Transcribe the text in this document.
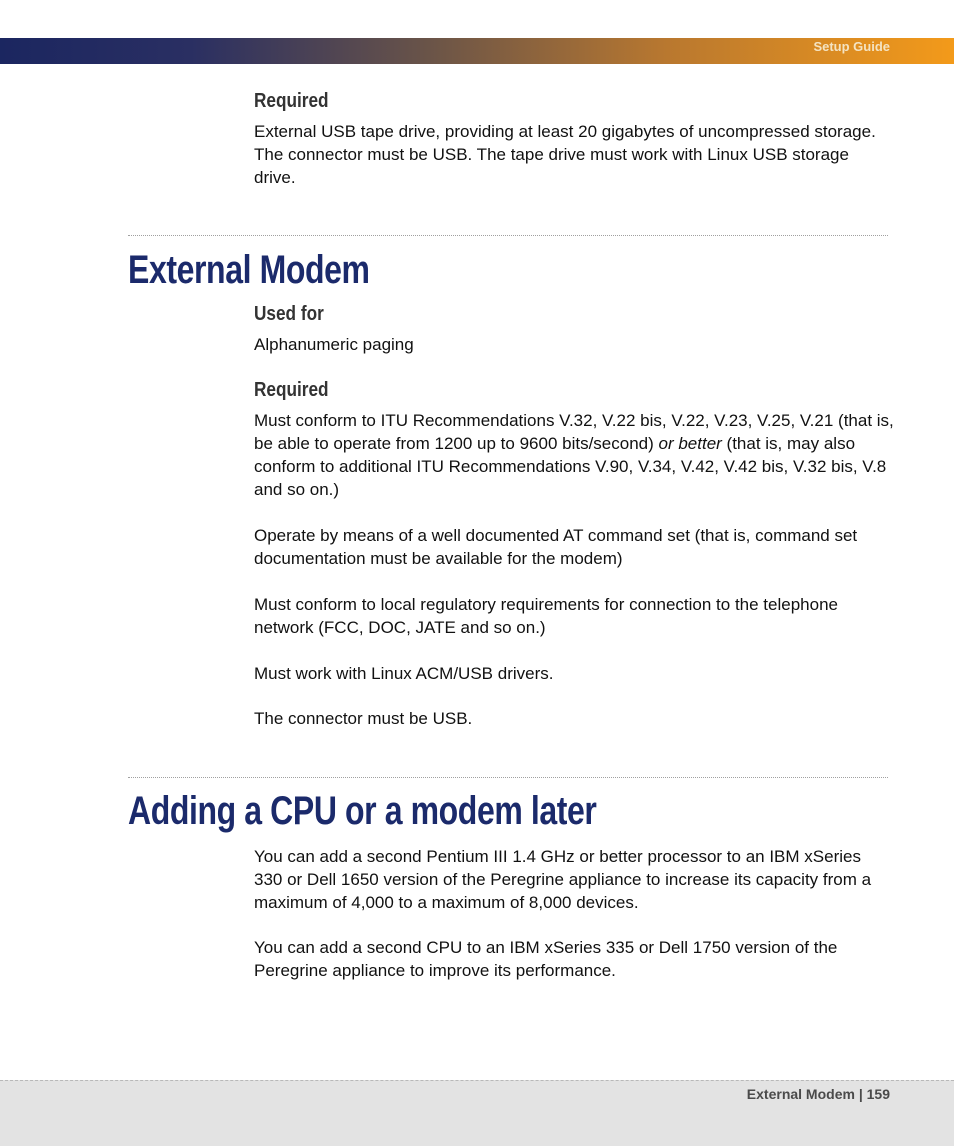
Setup Guide
Required

External USB tape drive, providing at least 20 gigabytes of uncompressed storage. The connector must be USB. The tape drive must work with Linux USB storage drive.

External Modem
Used for

Alphanumeric paging

Required

Must conform to ITU Recommendations V.32, V.22 bis, V.22, V.23, V.25, V.21 (that is, be able to operate from 1200 up to 9600 bits/second) or better (that is, may also conform to additional ITU Recommendations V.90, V.34, V.42, V.42 bis, V.32 bis, V.8 and so on.)

Operate by means of a well documented AT command set (that is, command set documentation must be available for the modem)

Must conform to local regulatory requirements for connection to the telephone network (FCC, DOC, JATE and so on.)

Must work with Linux ACM/USB drivers.

The connector must be USB.

Adding a CPU or a modem later

You can add a second Pentium III 1.4 GHz or better processor to an IBM xSeries 330 or Dell 1650 version of the Peregrine appliance to increase its capacity from a maximum of 4,000 to a maximum of 8,000 devices.

You can add a second CPU to an IBM xSeries 335 or Dell 1750 version of the Peregrine appliance to improve its performance.

External Modem | 159
